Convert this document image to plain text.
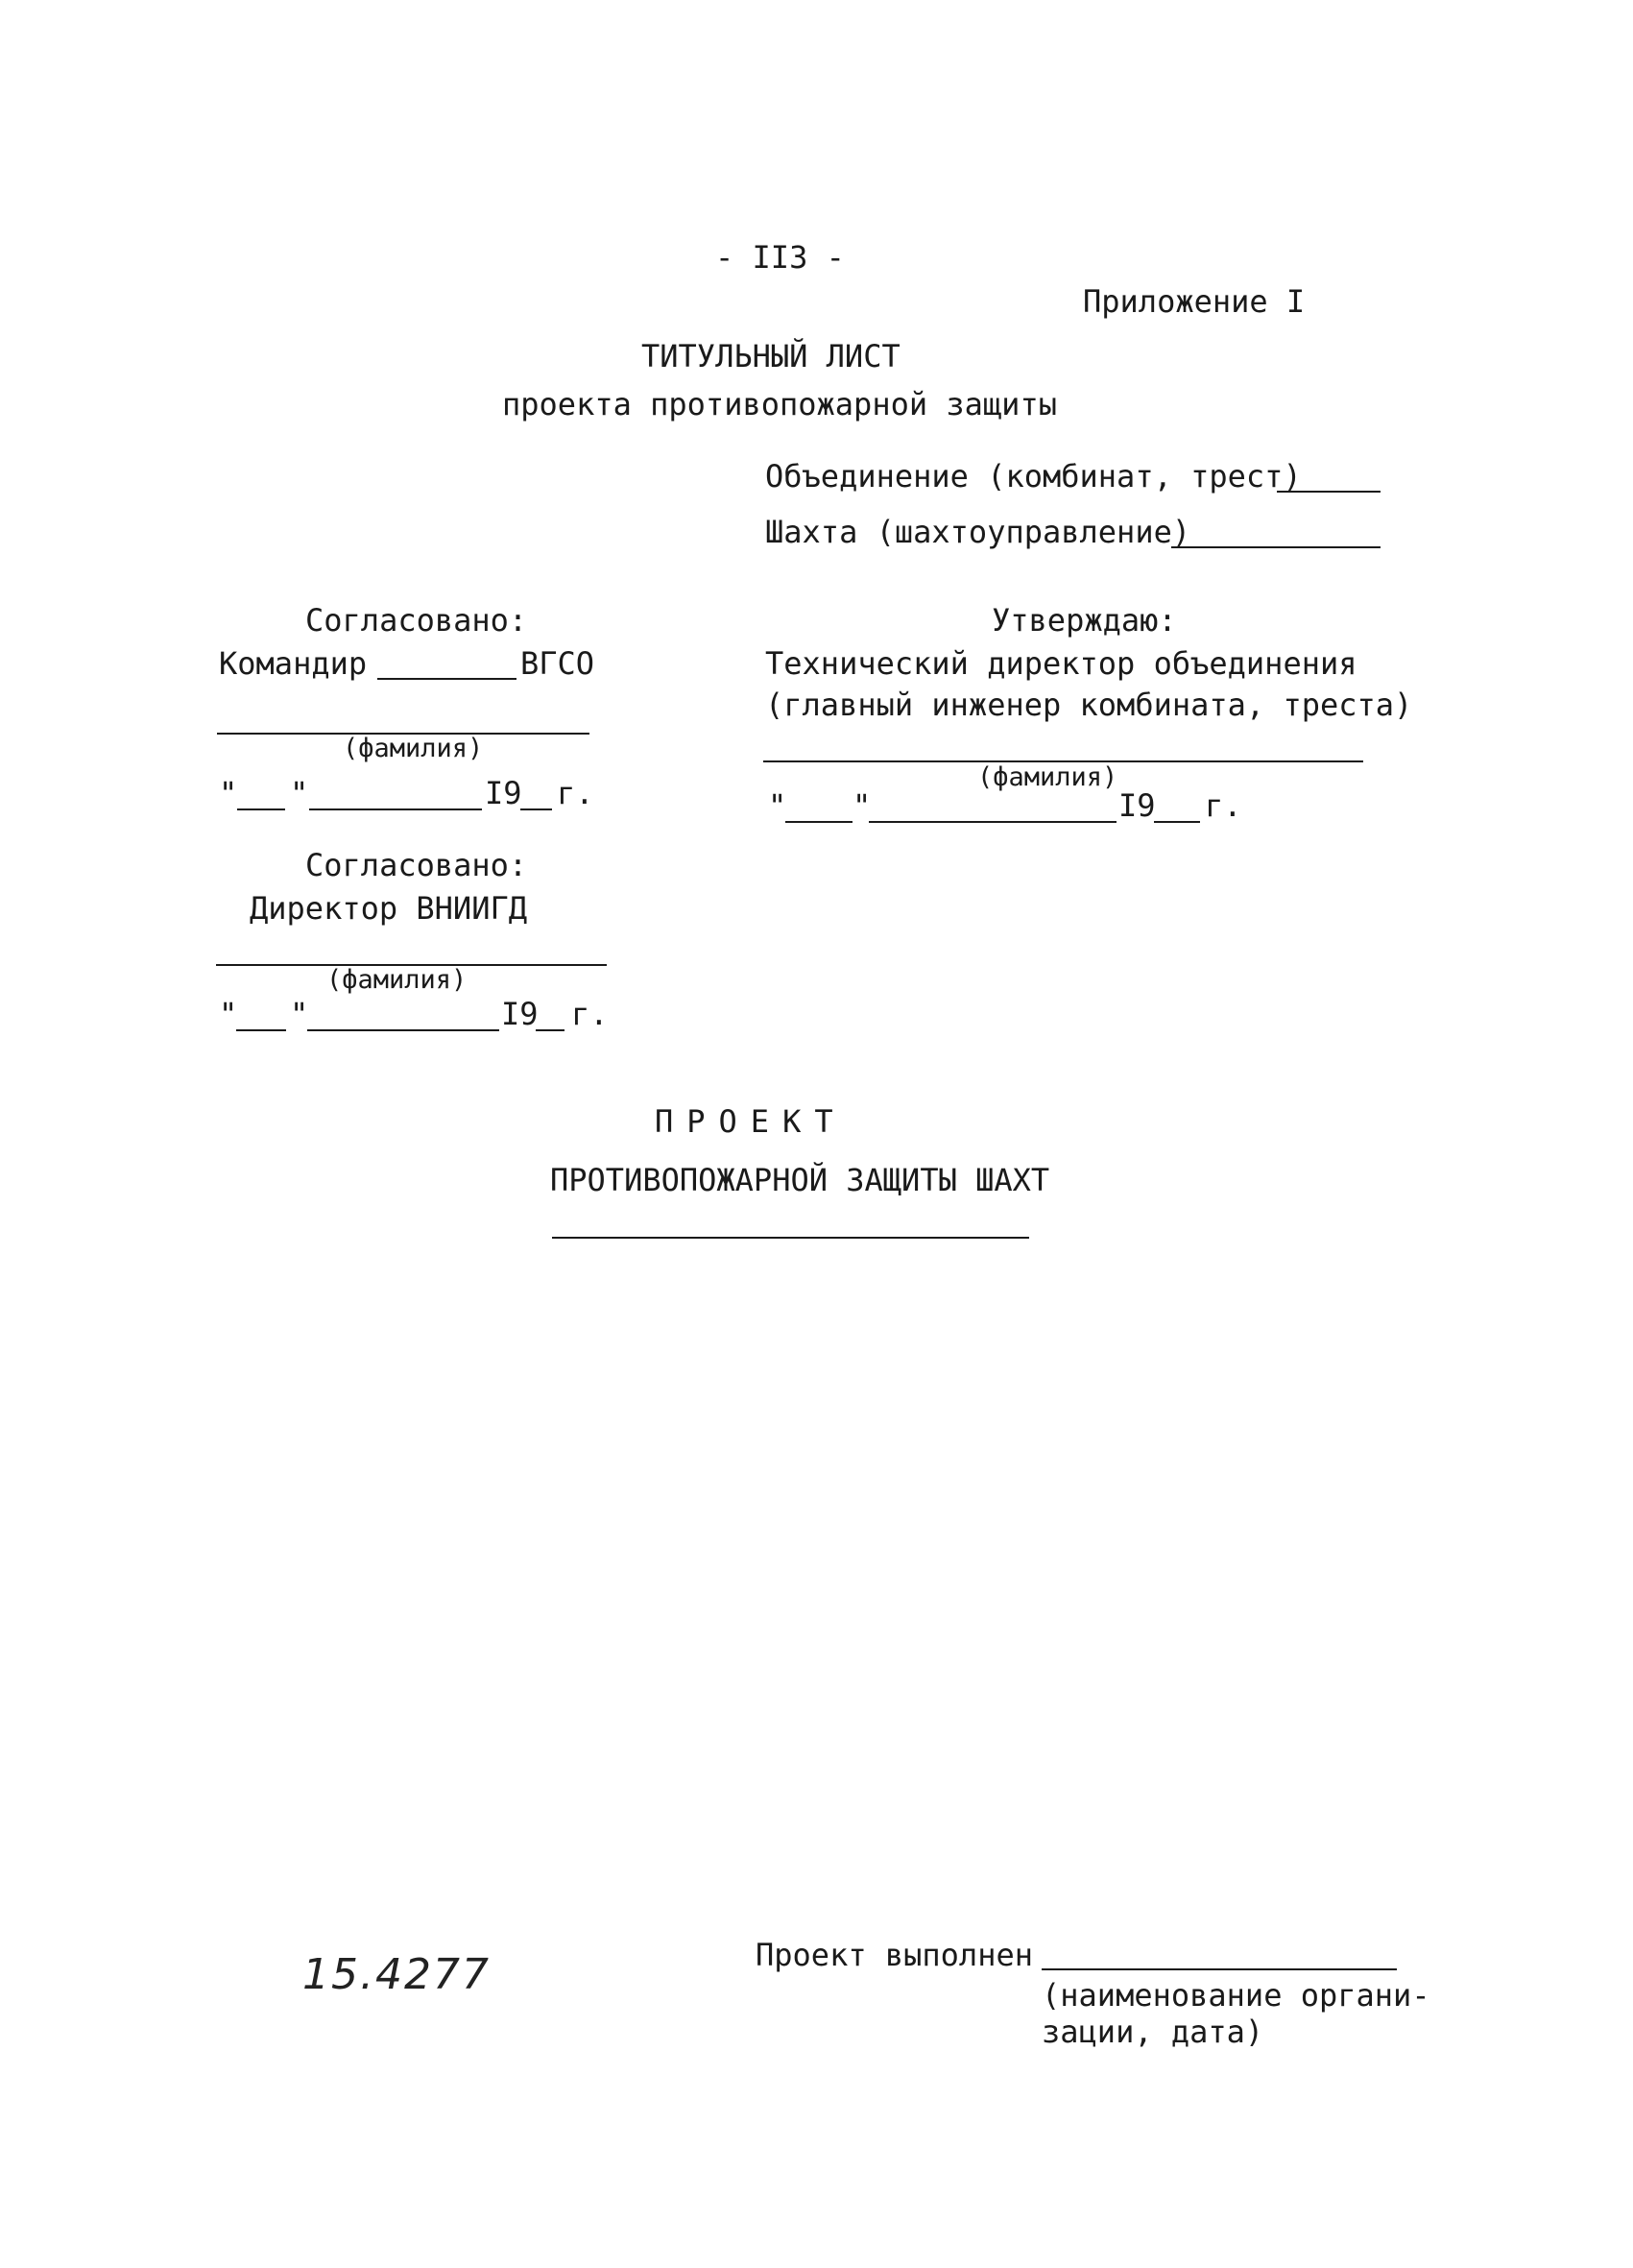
- II3 -
Приложение I
ТИТУЛЬНЫЙ ЛИСТ
проекта противопожарной защиты
Объединение (комбинат, трест)
Шахта (шахтоуправление)
Согласовано:
Командир	ВГСО
(фамилия)
" "	I9 г.
Утверждаю:
Технический директор объединения
(главный инженер комбината, треста)
(фамилия)
" "	I9 г.
Согласовано:
Директор ВНИИГД
(фамилия)
" "	I9 г.
ПРОЕКТ
ПРОТИВОПОЖАРНОЙ ЗАЩИТЫ ШАХТ
15.4277	Проект выполнен
(наименование органи-
зации, дата)
